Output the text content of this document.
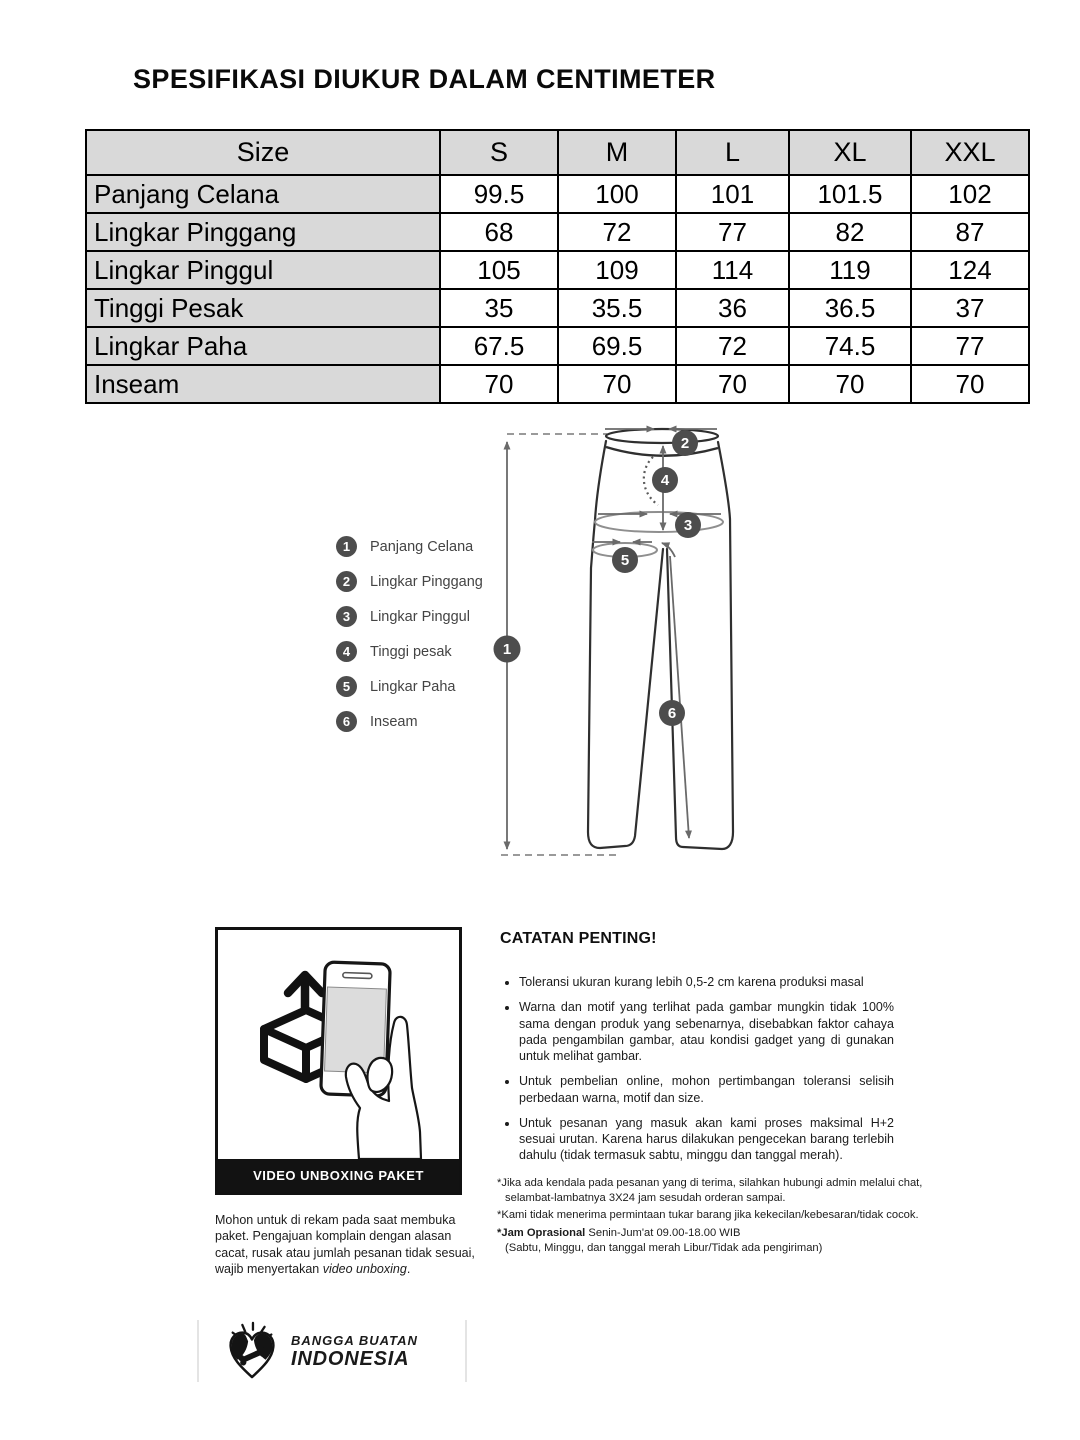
SPESIFIKASI DIUKUR DALAM CENTIMETER
Size	S	M	L	XL	XXL
Panjang Celana	99.5	100	101	101.5	102
Lingkar Pinggang	68	72	77	82	87
Lingkar Pinggul	105	109	114	119	124
Tinggi Pesak	35	35.5	36	36.5	37
Lingkar Paha	67.5	69.5	72	74.5	77
Inseam	70	70	70	70	70
1	Panjang Celana
2	Lingkar Pinggang
3	Lingkar Pinggul
4	Tinggi pesak
5	Lingkar Paha
6	Inseam
1
2
3
4
5
6
CATATAN PENTING!
• Toleransi ukuran kurang lebih 0,5-2 cm karena produksi masal
• Warna dan motif yang terlihat pada gambar mungkin tidak 100% sama dengan produk yang sebenarnya, disebabkan faktor cahaya pada pengambilan gambar, atau kondisi gadget yang di gunakan untuk melihat gambar.
• Untuk pembelian online, mohon pertimbangan toleransi selisih perbedaan warna, motif dan size.
• Untuk pesanan yang masuk akan kami proses maksimal H+2 sesuai urutan. Karena harus dilakukan pengecekan barang terlebih dahulu (tidak termasuk sabtu, minggu dan tanggal merah).
*Jika ada kendala pada pesanan yang di terima, silahkan hubungi admin melalui chat, selambat-lambatnya 3X24 jam sesudah orderan sampai.
*Kami tidak menerima permintaan tukar barang jika kekecilan/kebesaran/tidak cocok.
*Jam Oprasional Senin-Jum'at 09.00-18.00 WIB
(Sabtu, Minggu, dan tanggal merah Libur/Tidak ada pengiriman)
VIDEO UNBOXING PAKET
Mohon untuk di rekam pada saat membuka paket. Pengajuan komplain dengan alasan cacat, rusak atau jumlah pesanan tidak sesuai, wajib menyertakan video unboxing.
BANGGA BUATAN
INDONESIA
